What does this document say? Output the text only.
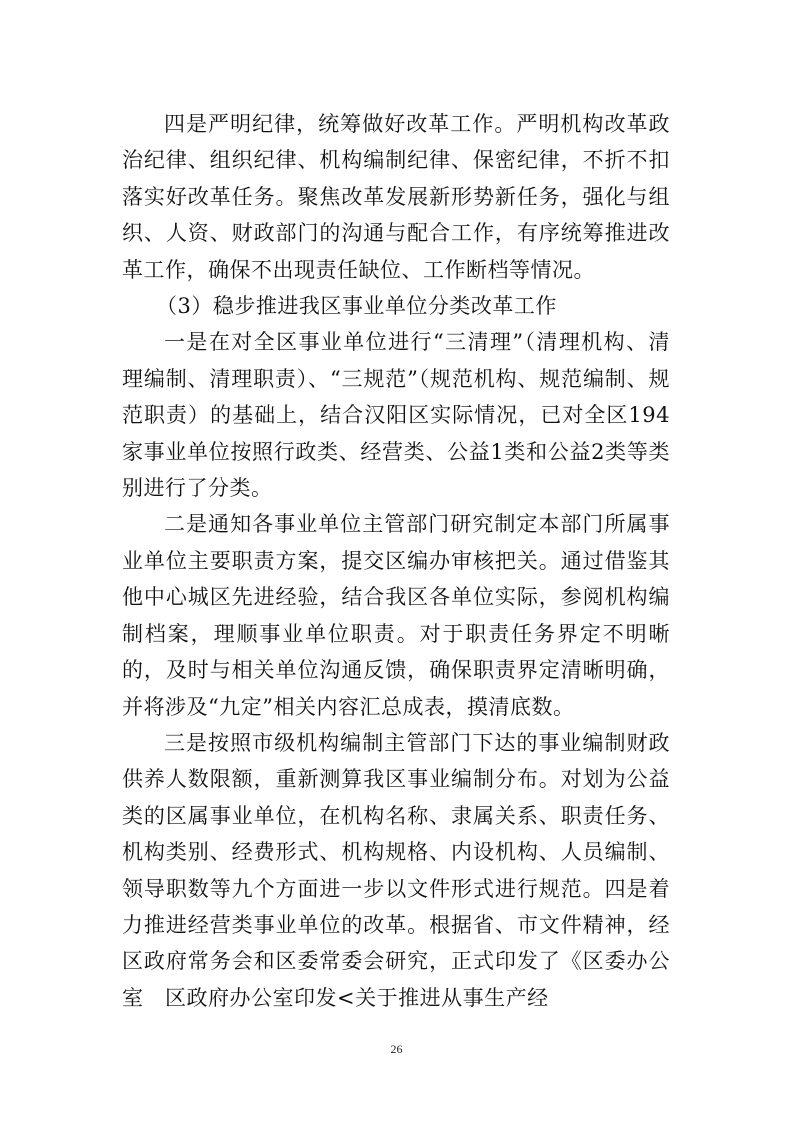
四是严明纪律，统筹做好改革工作。严明机构改革政治纪律、组织纪律、机构编制纪律、保密纪律，不折不扣落实好改革任务。聚焦改革发展新形势新任务，强化与组织、人资、财政部门的沟通与配合工作，有序统筹推进改革工作，确保不出现责任缺位、工作断档等情况。

（3）稳步推进我区事业单位分类改革工作

一是在对全区事业单位进行“三清理”（清理机构、清理编制、清理职责）、“三规范”（规范机构、规范编制、规范职责）的基础上，结合汉阳区实际情况，已对全区194家事业单位按照行政类、经营类、公益1类和公益2类等类别进行了分类。

二是通知各事业单位主管部门研究制定本部门所属事业单位主要职责方案，提交区编办审核把关。通过借鉴其他中心城区先进经验，结合我区各单位实际，参阅机构编制档案，理顺事业单位职责。对于职责任务界定不明晰的，及时与相关单位沟通反馈，确保职责界定清晰明确，并将涉及“九定”相关内容汇总成表，摸清底数。

三是按照市级机构编制主管部门下达的事业编制财政供养人数限额，重新测算我区事业编制分布。对划为公益类的区属事业单位，在机构名称、隶属关系、职责任务、机构类别、经费形式、机构规格、内设机构、人员编制、领导职数等九个方面进一步以文件形式进行规范。四是着力推进经营类事业单位的改革。根据省、市文件精神，经区政府常务会和区委常委会研究，正式印发了《区委办公室　区政府办公室印发<关于推进从事生产经

26
